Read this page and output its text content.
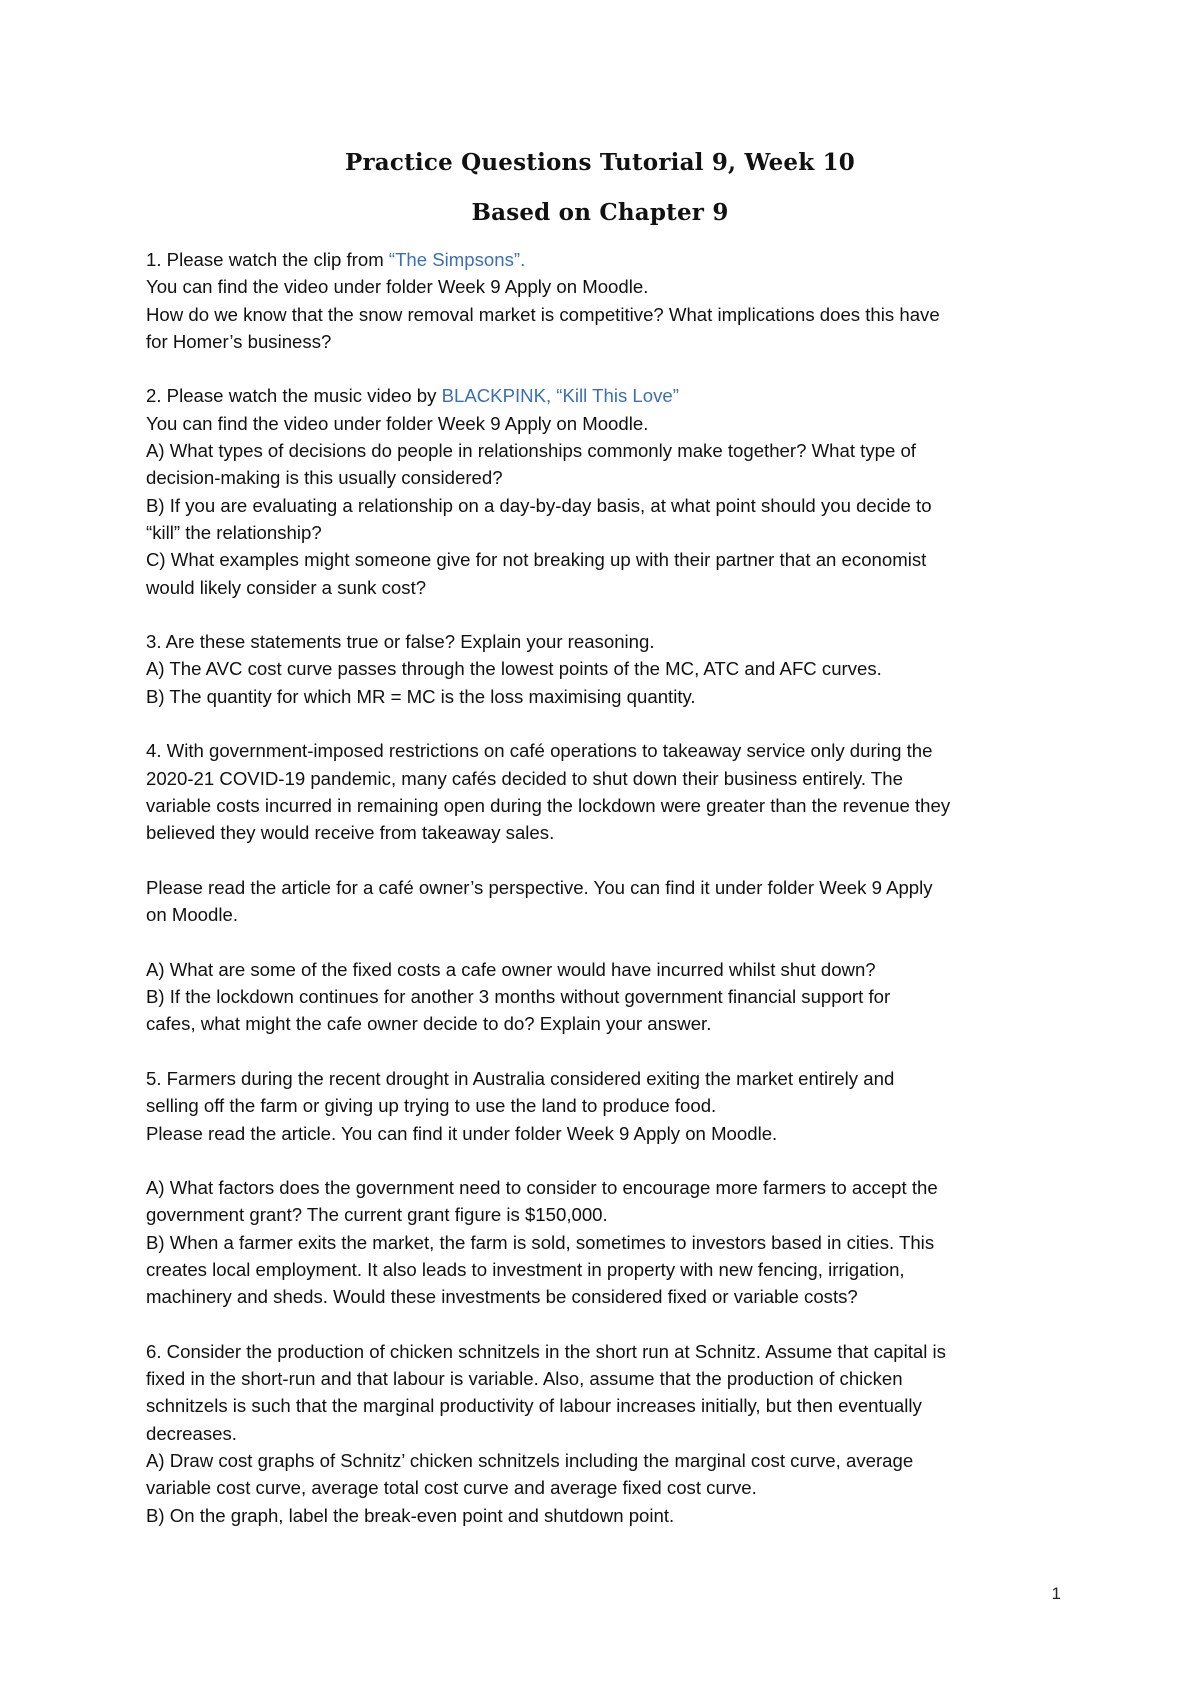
Practice Questions Tutorial 9, Week 10
Based on Chapter 9
1. Please watch the clip from “The Simpsons”.
You can find the video under folder Week 9 Apply on Moodle.
How do we know that the snow removal market is competitive? What implications does this have
for Homer’s business?
2. Please watch the music video by BLACKPINK, “Kill This Love”
You can find the video under folder Week 9 Apply on Moodle.
A) What types of decisions do people in relationships commonly make together? What type of
decision-making is this usually considered?
B) If you are evaluating a relationship on a day-by-day basis, at what point should you decide to
“kill” the relationship?
C) What examples might someone give for not breaking up with their partner that an economist
would likely consider a sunk cost?
3. Are these statements true or false? Explain your reasoning.
A) The AVC cost curve passes through the lowest points of the MC, ATC and AFC curves.
B) The quantity for which MR = MC is the loss maximising quantity.
4. With government-imposed restrictions on café operations to takeaway service only during the
2020-21 COVID-19 pandemic, many cafés decided to shut down their business entirely. The
variable costs incurred in remaining open during the lockdown were greater than the revenue they
believed they would receive from takeaway sales.
Please read the article for a café owner’s perspective. You can find it under folder Week 9 Apply
on Moodle.
A) What are some of the fixed costs a cafe owner would have incurred whilst shut down?
B) If the lockdown continues for another 3 months without government financial support for
cafes, what might the cafe owner decide to do? Explain your answer.
5. Farmers during the recent drought in Australia considered exiting the market entirely and
selling off the farm or giving up trying to use the land to produce food.
Please read the article. You can find it under folder Week 9 Apply on Moodle.
A) What factors does the government need to consider to encourage more farmers to accept the
government grant? The current grant figure is $150,000.
B) When a farmer exits the market, the farm is sold, sometimes to investors based in cities. This
creates local employment. It also leads to investment in property with new fencing, irrigation,
machinery and sheds. Would these investments be considered fixed or variable costs?
6. Consider the production of chicken schnitzels in the short run at Schnitz. Assume that capital is
fixed in the short-run and that labour is variable. Also, assume that the production of chicken
schnitzels is such that the marginal productivity of labour increases initially, but then eventually
decreases.
A) Draw cost graphs of Schnitz’ chicken schnitzels including the marginal cost curve, average
variable cost curve, average total cost curve and average fixed cost curve.
B) On the graph, label the break-even point and shutdown point.
1
